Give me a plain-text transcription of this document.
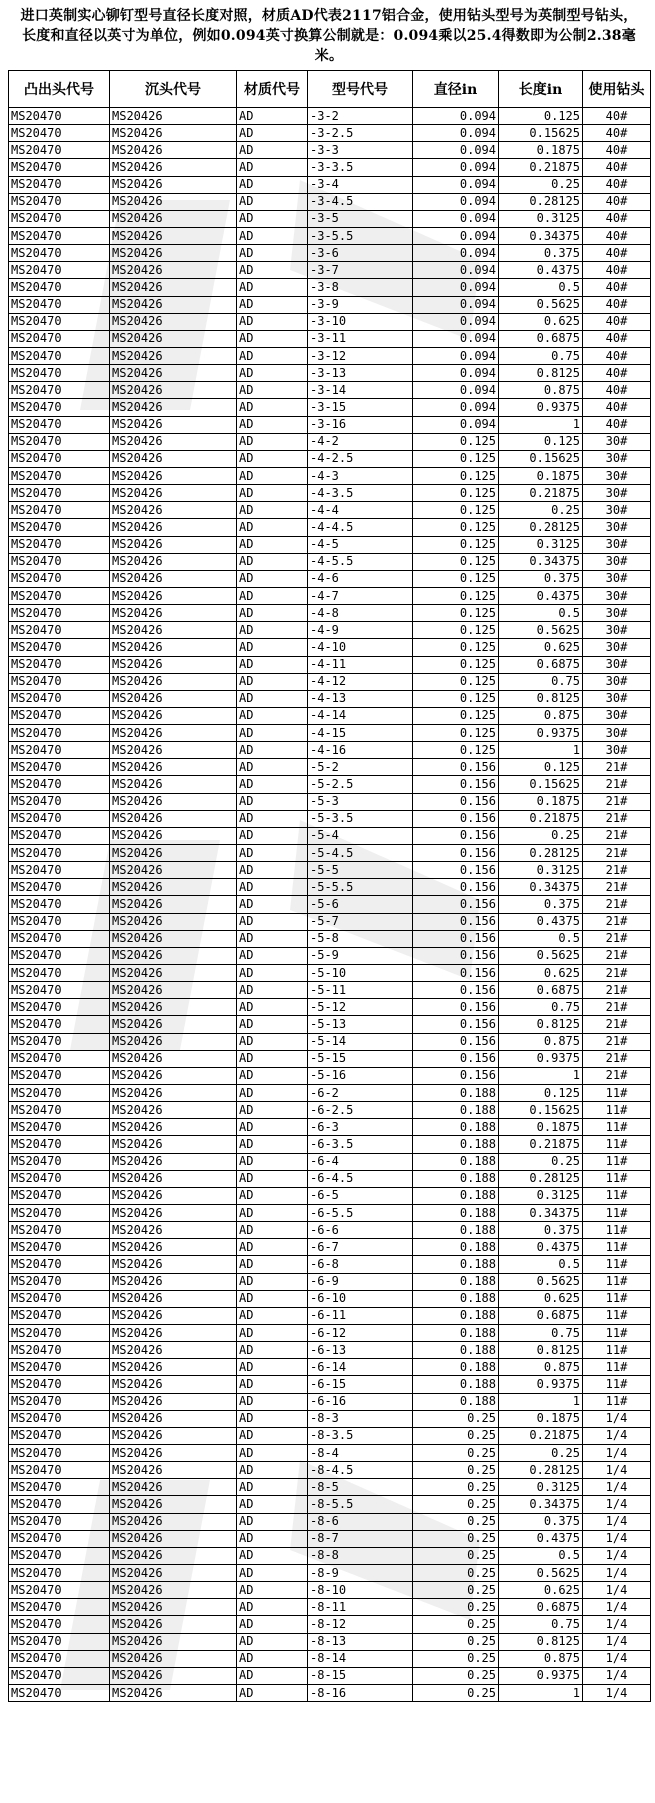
进口英制实心铆钉型号直径长度对照，材质AD代表2117铝合金，使用钻头型号为英制型号钻头，长度和直径以英寸为单位，例如0.094英寸换算公制就是：0.094乘以25.4得数即为公制2.38毫米。
凸出头代号	沉头代号	材质代号	型号代号	直径in	长度in	使用钻头
MS20470	MS20426	AD	-3-2	0.094	0.125	40#
MS20470	MS20426	AD	-3-2.5	0.094	0.15625	40#
MS20470	MS20426	AD	-3-3	0.094	0.1875	40#
MS20470	MS20426	AD	-3-3.5	0.094	0.21875	40#
MS20470	MS20426	AD	-3-4	0.094	0.25	40#
MS20470	MS20426	AD	-3-4.5	0.094	0.28125	40#
MS20470	MS20426	AD	-3-5	0.094	0.3125	40#
MS20470	MS20426	AD	-3-5.5	0.094	0.34375	40#
MS20470	MS20426	AD	-3-6	0.094	0.375	40#
MS20470	MS20426	AD	-3-7	0.094	0.4375	40#
MS20470	MS20426	AD	-3-8	0.094	0.5	40#
MS20470	MS20426	AD	-3-9	0.094	0.5625	40#
MS20470	MS20426	AD	-3-10	0.094	0.625	40#
MS20470	MS20426	AD	-3-11	0.094	0.6875	40#
MS20470	MS20426	AD	-3-12	0.094	0.75	40#
MS20470	MS20426	AD	-3-13	0.094	0.8125	40#
MS20470	MS20426	AD	-3-14	0.094	0.875	40#
MS20470	MS20426	AD	-3-15	0.094	0.9375	40#
MS20470	MS20426	AD	-3-16	0.094	1	40#
MS20470	MS20426	AD	-4-2	0.125	0.125	30#
MS20470	MS20426	AD	-4-2.5	0.125	0.15625	30#
MS20470	MS20426	AD	-4-3	0.125	0.1875	30#
MS20470	MS20426	AD	-4-3.5	0.125	0.21875	30#
MS20470	MS20426	AD	-4-4	0.125	0.25	30#
MS20470	MS20426	AD	-4-4.5	0.125	0.28125	30#
MS20470	MS20426	AD	-4-5	0.125	0.3125	30#
MS20470	MS20426	AD	-4-5.5	0.125	0.34375	30#
MS20470	MS20426	AD	-4-6	0.125	0.375	30#
MS20470	MS20426	AD	-4-7	0.125	0.4375	30#
MS20470	MS20426	AD	-4-8	0.125	0.5	30#
MS20470	MS20426	AD	-4-9	0.125	0.5625	30#
MS20470	MS20426	AD	-4-10	0.125	0.625	30#
MS20470	MS20426	AD	-4-11	0.125	0.6875	30#
MS20470	MS20426	AD	-4-12	0.125	0.75	30#
MS20470	MS20426	AD	-4-13	0.125	0.8125	30#
MS20470	MS20426	AD	-4-14	0.125	0.875	30#
MS20470	MS20426	AD	-4-15	0.125	0.9375	30#
MS20470	MS20426	AD	-4-16	0.125	1	30#
MS20470	MS20426	AD	-5-2	0.156	0.125	21#
MS20470	MS20426	AD	-5-2.5	0.156	0.15625	21#
MS20470	MS20426	AD	-5-3	0.156	0.1875	21#
MS20470	MS20426	AD	-5-3.5	0.156	0.21875	21#
MS20470	MS20426	AD	-5-4	0.156	0.25	21#
MS20470	MS20426	AD	-5-4.5	0.156	0.28125	21#
MS20470	MS20426	AD	-5-5	0.156	0.3125	21#
MS20470	MS20426	AD	-5-5.5	0.156	0.34375	21#
MS20470	MS20426	AD	-5-6	0.156	0.375	21#
MS20470	MS20426	AD	-5-7	0.156	0.4375	21#
MS20470	MS20426	AD	-5-8	0.156	0.5	21#
MS20470	MS20426	AD	-5-9	0.156	0.5625	21#
MS20470	MS20426	AD	-5-10	0.156	0.625	21#
MS20470	MS20426	AD	-5-11	0.156	0.6875	21#
MS20470	MS20426	AD	-5-12	0.156	0.75	21#
MS20470	MS20426	AD	-5-13	0.156	0.8125	21#
MS20470	MS20426	AD	-5-14	0.156	0.875	21#
MS20470	MS20426	AD	-5-15	0.156	0.9375	21#
MS20470	MS20426	AD	-5-16	0.156	1	21#
MS20470	MS20426	AD	-6-2	0.188	0.125	11#
MS20470	MS20426	AD	-6-2.5	0.188	0.15625	11#
MS20470	MS20426	AD	-6-3	0.188	0.1875	11#
MS20470	MS20426	AD	-6-3.5	0.188	0.21875	11#
MS20470	MS20426	AD	-6-4	0.188	0.25	11#
MS20470	MS20426	AD	-6-4.5	0.188	0.28125	11#
MS20470	MS20426	AD	-6-5	0.188	0.3125	11#
MS20470	MS20426	AD	-6-5.5	0.188	0.34375	11#
MS20470	MS20426	AD	-6-6	0.188	0.375	11#
MS20470	MS20426	AD	-6-7	0.188	0.4375	11#
MS20470	MS20426	AD	-6-8	0.188	0.5	11#
MS20470	MS20426	AD	-6-9	0.188	0.5625	11#
MS20470	MS20426	AD	-6-10	0.188	0.625	11#
MS20470	MS20426	AD	-6-11	0.188	0.6875	11#
MS20470	MS20426	AD	-6-12	0.188	0.75	11#
MS20470	MS20426	AD	-6-13	0.188	0.8125	11#
MS20470	MS20426	AD	-6-14	0.188	0.875	11#
MS20470	MS20426	AD	-6-15	0.188	0.9375	11#
MS20470	MS20426	AD	-6-16	0.188	1	11#
MS20470	MS20426	AD	-8-3	0.25	0.1875	1/4
MS20470	MS20426	AD	-8-3.5	0.25	0.21875	1/4
MS20470	MS20426	AD	-8-4	0.25	0.25	1/4
MS20470	MS20426	AD	-8-4.5	0.25	0.28125	1/4
MS20470	MS20426	AD	-8-5	0.25	0.3125	1/4
MS20470	MS20426	AD	-8-5.5	0.25	0.34375	1/4
MS20470	MS20426	AD	-8-6	0.25	0.375	1/4
MS20470	MS20426	AD	-8-7	0.25	0.4375	1/4
MS20470	MS20426	AD	-8-8	0.25	0.5	1/4
MS20470	MS20426	AD	-8-9	0.25	0.5625	1/4
MS20470	MS20426	AD	-8-10	0.25	0.625	1/4
MS20470	MS20426	AD	-8-11	0.25	0.6875	1/4
MS20470	MS20426	AD	-8-12	0.25	0.75	1/4
MS20470	MS20426	AD	-8-13	0.25	0.8125	1/4
MS20470	MS20426	AD	-8-14	0.25	0.875	1/4
MS20470	MS20426	AD	-8-15	0.25	0.9375	1/4
MS20470	MS20426	AD	-8-16	0.25	1	1/4
